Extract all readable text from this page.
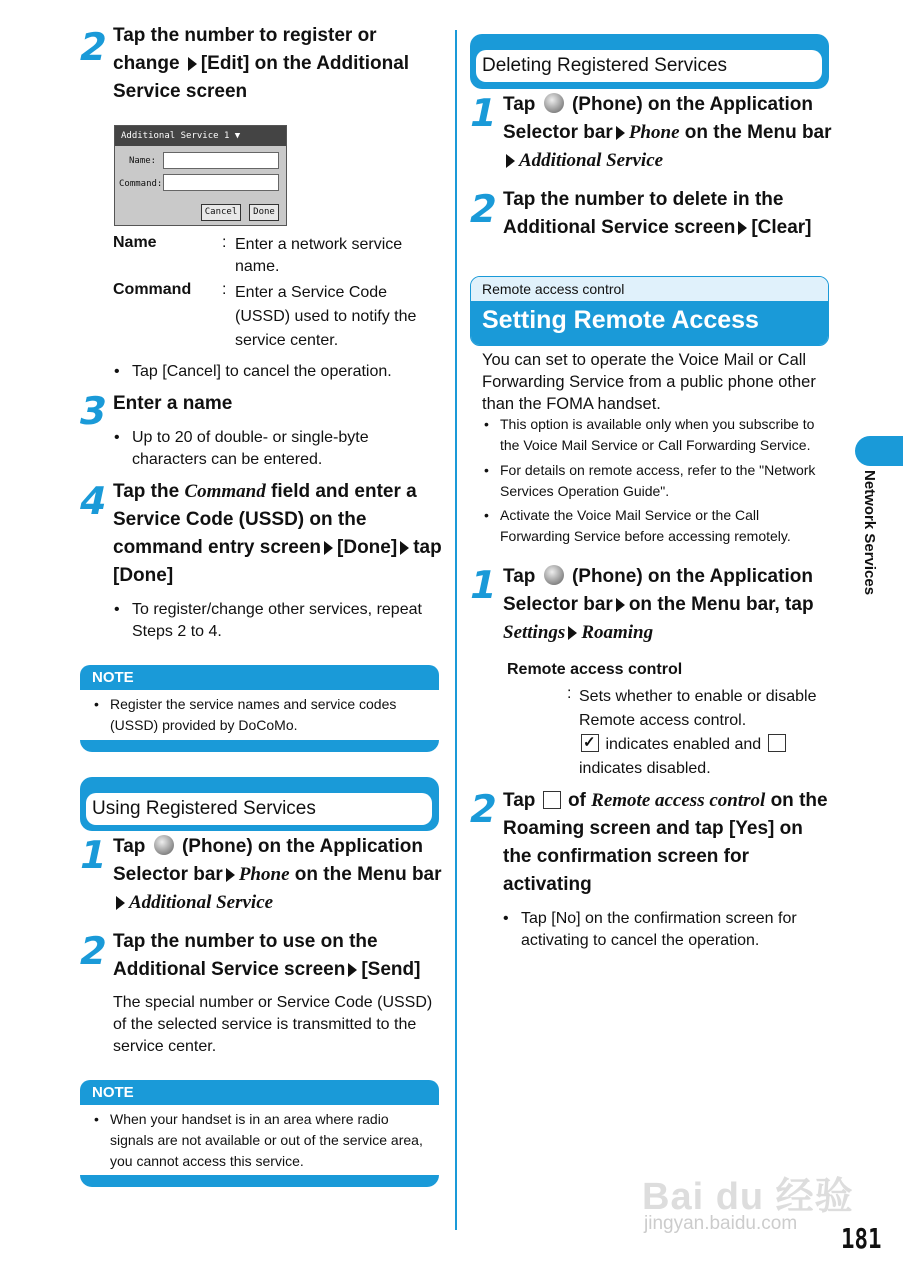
2 Tap the number to register or change [Edit] on the Additional Service screen
Additional Service 1 ▼
Name:
Command:
Cancel	Done
Name	: Enter a network service name.
Command : Enter a Service Code (USSD) used to notify the service center.
• Tap [Cancel] to cancel the operation.
3 Enter a name
• Up to 20 of double- or single-byte characters can be entered.
4 Tap the Command field and enter a Service Code (USSD) on the command entry screen [Done] tap [Done]
• To register/change other services, repeat Steps 2 to 4.
NOTE
• Register the service names and service codes (USSD) provided by DoCoMo.
Using Registered Services
1 Tap (Phone) on the Application Selector bar Phone on the Menu barAdditional Service
2 Tap the number to use on the Additional Service screen [Send]
The special number or Service Code (USSD) of the selected service is transmitted to the service center.
NOTE
• When your handset is in an area where radio signals are not available or out of the service area, you cannot access this service.
Deleting Registered Services
1 Tap (Phone) on the Application Selector bar Phone on the Menu barAdditional Service
2 Tap the number to delete in the Additional Service screen [Clear]
Remote access control
Setting Remote Access
You can set to operate the Voice Mail or Call Forwarding Service from a public phone other than the FOMA handset.
• This option is available only when you subscribe to the Voice Mail Service or Call Forwarding Service.
• For details on remote access, refer to the "Network Services Operation Guide".
• Activate the Voice Mail Service or the Call Forwarding Service before accessing remotely.
1 Tap (Phone) on the Application Selector bar on the Menu bar, tap Settings Roaming
Remote access control
: Sets whether to enable or disable Remote access control.

✓ indicates enabled and
indicates disabled.
2 Tap of Remote access control on the Roaming screen and tap [Yes] on the confirmation screen for activating
• Tap [No] on the confirmation screen for activating to cancel the operation.
Network Services
Bai du 经验
jingyan.baidu.com 181
